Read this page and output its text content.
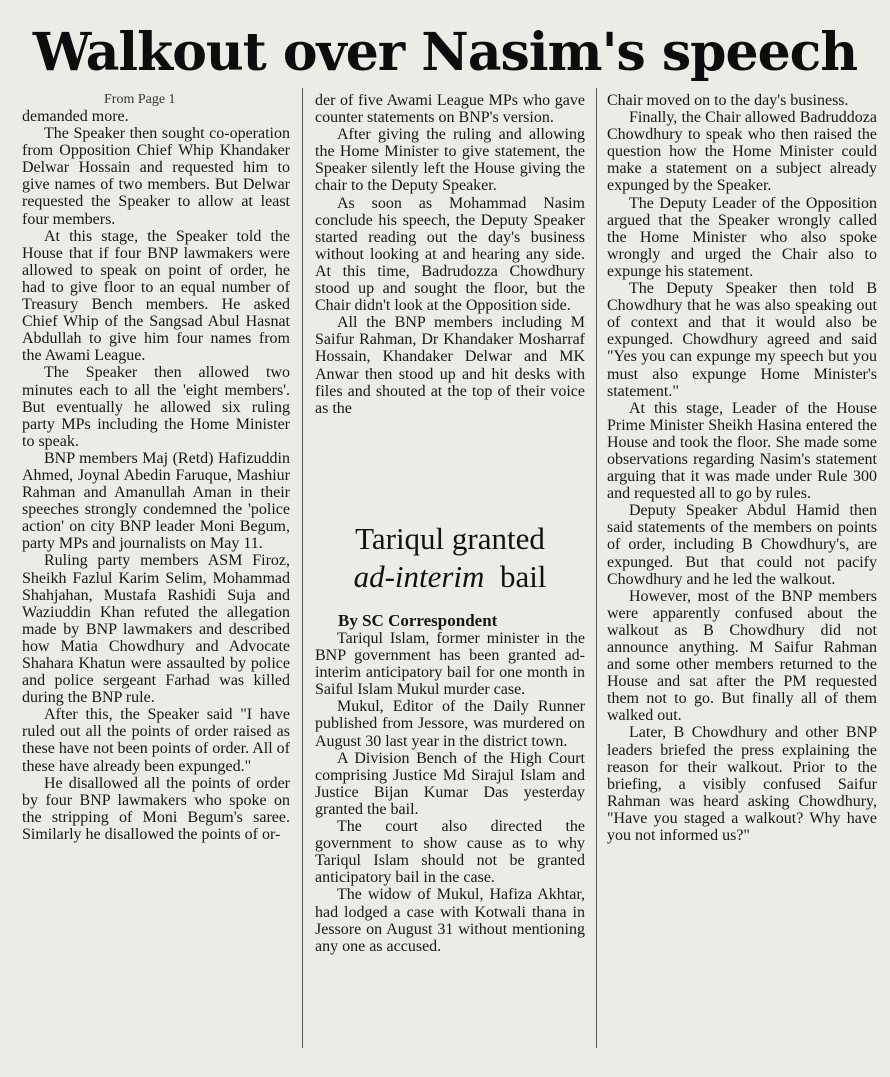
Walkout over Nasim's speech
From Page 1

demanded more.

The Speaker then sought co-operation from Opposition Chief Whip Khandaker Delwar Hossain and requested him to give names of two members. But Delwar requested the Speaker to allow at least four members.

At this stage, the Speaker told the House that if four BNP lawmakers were allowed to speak on point of order, he had to give floor to an equal number of Treasury Bench members. He asked Chief Whip of the Sangsad Abul Hasnat Abdullah to give him four names from the Awami League.

The Speaker then allowed two minutes each to all the 'eight members'. But eventually he allowed six ruling party MPs including the Home Minister to speak.

BNP members Maj (Retd) Hafizuddin Ahmed, Joynal Abedin Faruque, Mashiur Rahman and Amanullah Aman in their speeches strongly condemned the 'police action' on city BNP leader Moni Begum, party MPs and journalists on May 11.

Ruling party members ASM Firoz, Sheikh Fazlul Karim Selim, Mohammad Shahjahan, Mustafa Rashidi Suja and Waziuddin Khan refuted the allegation made by BNP lawmakers and described how Matia Chowdhury and Advocate Shahara Khatun were assaulted by police and police sergeant Farhad was killed during the BNP rule.

After this, the Speaker said "I have ruled out all the points of order raised as these have not been points of order. All of these have already been expunged."

He disallowed all the points of order by four BNP lawmakers who spoke on the stripping of Moni Begum's saree. Similarly he disallowed the points of or-

der of five Awami League MPs who gave counter statements on BNP's version.

After giving the ruling and allowing the Home Minister to give statement, the Speaker silently left the House giving the chair to the Deputy Speaker.

As soon as Mohammad Nasim conclude his speech, the Deputy Speaker started reading out the day's business without looking at and hearing any side. At this time, Badrudozza Chowdhury stood up and sought the floor, but the Chair didn't look at the Opposition side.

All the BNP members including M Saifur Rahman, Dr Khandaker Mosharraf Hossain, Khandaker Delwar and MK Anwar then stood up and hit desks with files and shouted at the top of their voice as the

Tariqul granted
ad-interim bail
By SC Correspondent

Tariqul Islam, former minister in the BNP government has been granted ad-interim anticipatory bail for one month in Saiful Islam Mukul murder case.

Mukul, Editor of the Daily Runner published from Jessore, was murdered on August 30 last year in the district town.

A Division Bench of the High Court comprising Justice Md Sirajul Islam and Justice Bijan Kumar Das yesterday granted the bail.

The court also directed the government to show cause as to why Tariqul Islam should not be granted anticipatory bail in the case.

The widow of Mukul, Hafiza Akhtar, had lodged a case with Kotwali thana in Jessore on August 31 without mentioning any one as accused.

Chair moved on to the day's business.

Finally, the Chair allowed Badruddoza Chowdhury to speak who then raised the question how the Home Minister could make a statement on a subject already expunged by the Speaker.

The Deputy Leader of the Opposition argued that the Speaker wrongly called the Home Minister who also spoke wrongly and urged the Chair also to expunge his statement.

The Deputy Speaker then told B Chowdhury that he was also speaking out of context and that it would also be expunged. Chowdhury agreed and said "Yes you can expunge my speech but you must also expunge Home Minister's statement."

At this stage, Leader of the House Prime Minister Sheikh Hasina entered the House and took the floor. She made some observations regarding Nasim's statement arguing that it was made under Rule 300 and requested all to go by rules.

Deputy Speaker Abdul Hamid then said statements of the members on points of order, including B Chowdhury's, are expunged. But that could not pacify Chowdhury and he led the walkout.

However, most of the BNP members were apparently confused about the walkout as B Chowdhury did not announce anything. M Saifur Rahman and some other members returned to the House and sat after the PM requested them not to go. But finally all of them walked out.

Later, B Chowdhury and other BNP leaders briefed the press explaining the reason for their walkout. Prior to the briefing, a visibly confused Saifur Rahman was heard asking Chowdhury, "Have you staged a walkout? Why have you not informed us?"
